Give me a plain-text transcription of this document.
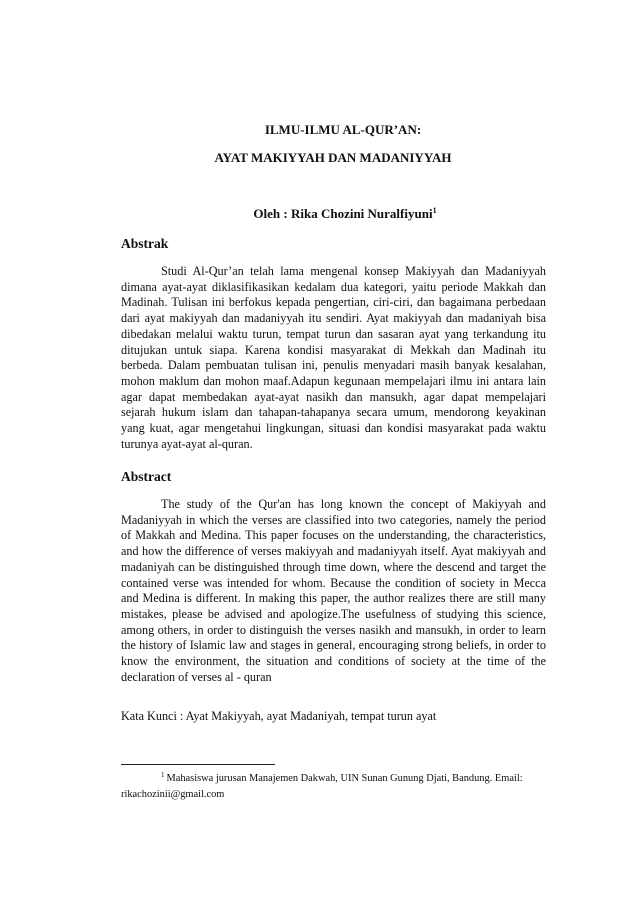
ILMU-ILMU AL-QUR’AN:
AYAT MAKIYYAH DAN MADANIYYAH
Oleh : Rika Chozini Nuralfiyuni$^1$
Abstrak

Studi Al-Qur’an telah lama mengenal konsep Makiyyah dan Madaniyyah dimana ayat-ayat diklasifikasikan kedalam dua kategori, yaitu periode Makkah dan Madinah. Tulisan ini berfokus kepada pengertian, ciri-ciri, dan bagaimana perbedaan dari ayat makiyyah dan madaniyyah itu sendiri. Ayat makiyyah dan madaniyah bisa dibedakan melalui waktu turun, tempat turun dan sasaran ayat yang terkandung itu ditujukan untuk siapa. Karena kondisi masyarakat di Mekkah dan Madinah itu berbeda. Dalam pembuatan tulisan ini, penulis menyadari masih banyak kesalahan, mohon maklum dan mohon maaf.Adapun kegunaan mempelajari ilmu ini antara lain agar dapat membedakan ayat-ayat nasikh dan mansukh, agar dapat mempelajari sejarah hukum islam dan tahapan-tahapanya secara umum, mendorong keyakinan yang kuat, agar mengetahui lingkungan, situasi dan kondisi masyarakat pada waktu turunya ayat-ayat al-quran.

Abstract

The study of the Qur'an has long known the concept of Makiyyah and Madaniyyah in which the verses are classified into two categories, namely the period of Makkah and Medina. This paper focuses on the understanding, the characteristics, and how the difference of verses makiyyah and madaniyyah itself. Ayat makiyyah and madaniyah can be distinguished through time down, where the descend and target the contained verse was intended for whom. Because the condition of society in Mecca and Medina is different. In making this paper, the author realizes there are still many mistakes, please be advised and apologize.The usefulness of studying this science, among others, in order to distinguish the verses nasikh and mansukh, in order to learn the history of Islamic law and stages in general, encouraging strong beliefs, in order to know the environment, the situation and conditions of society at the time of the declaration of verses al - quran

Kata Kunci : Ayat Makiyyah, ayat Madaniyah, tempat turun ayat
$^1$ Mahasiswa jurusan Manajemen Dakwah, UIN Sunan Gunung Djati, Bandung. Email:
rikachozinii@gmail.com
